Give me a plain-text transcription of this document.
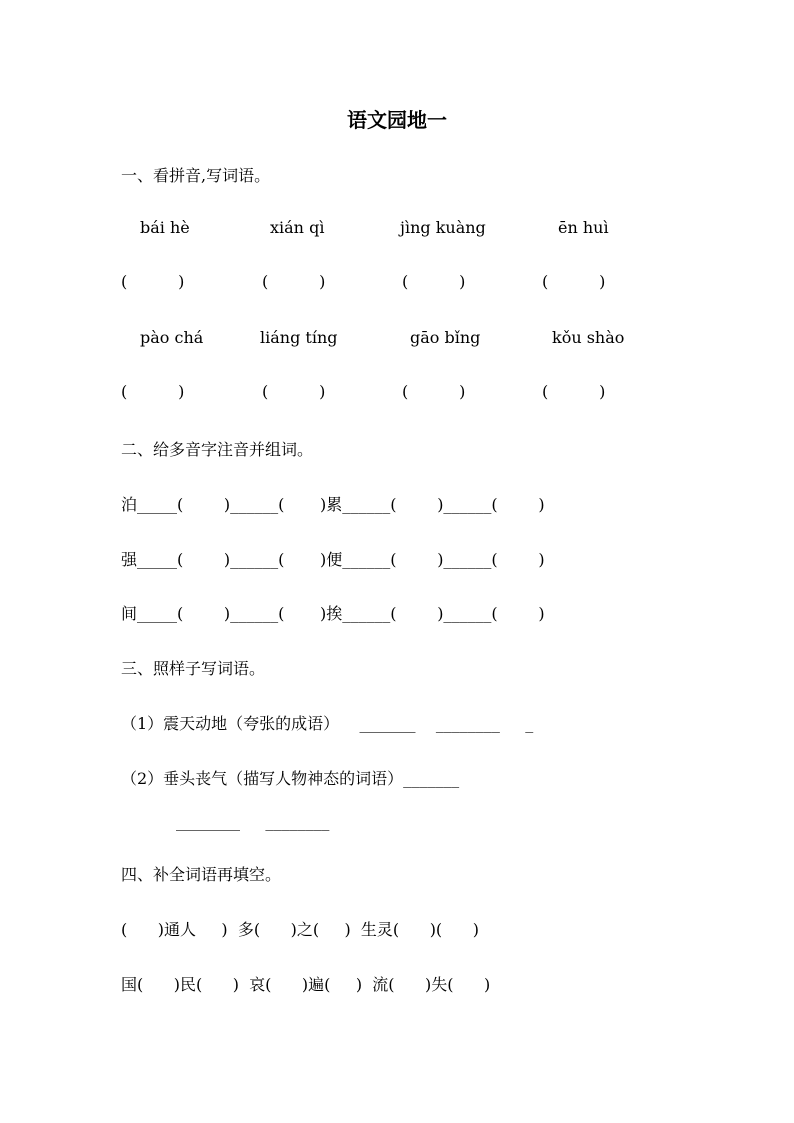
语文园地一
一、看拼音,写词语。
bái hè	xián qì	jìng kuàng	ēn huì
(          )	(          )	(          )	(          )
pào chá	liáng tíng	gāo bǐng	kǒu shào
(          )	(          )	(          )	(          )
二、给多音字注音并组词。
泊_____(        )______(       )累______(        )______(        )
强_____(        )______(       )便______(        )______(        )
间_____(        )______(       )挨______(        )______(        )
三、照样子写词语。
（1）震天动地（夸张的成语）    _______    ________     _
（2）垂头丧气（描写人物神态的词语）_______
________     ________
四、补全词语再填空。
(      )通人     )  多(      )之(     )  生灵(      )(      )
国(      )民(      )  哀(      )遍(     )  流(      )失(      )
